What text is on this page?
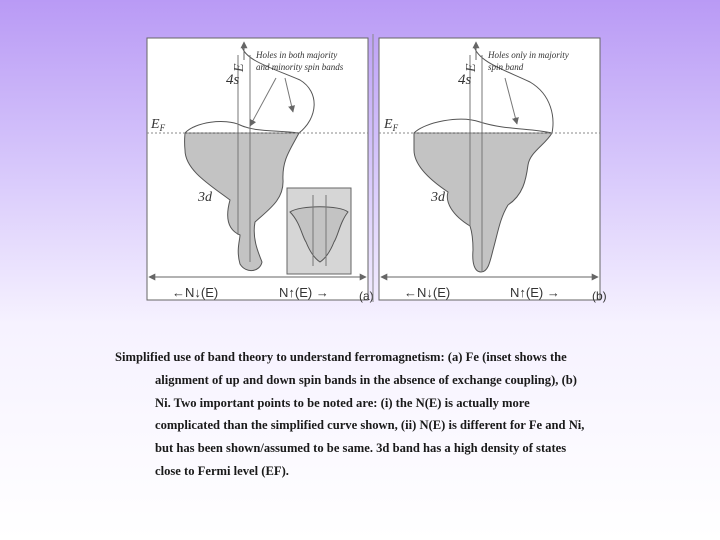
E
4s
$E_F$
3d
Holes in both majority
and minority spin bands
←N↓(E)	N↑(E) →	(a)
E
4s
$E_F$
3d
Holes only in majority
spin band
←N↓(E)	N↑(E) →	(b)
Simplified use of band theory to understand ferromagnetism: (a) Fe (inset shows the
alignment of up and down spin bands in the absence of exchange coupling), (b)
Ni. Two important points to be noted are: (i) the N(E) is actually more
complicated than the simplified curve shown, (ii) N(E) is different for Fe and Ni,
but has been shown/assumed to be same. 3d band has a high density of states
close to Fermi level (EF).
